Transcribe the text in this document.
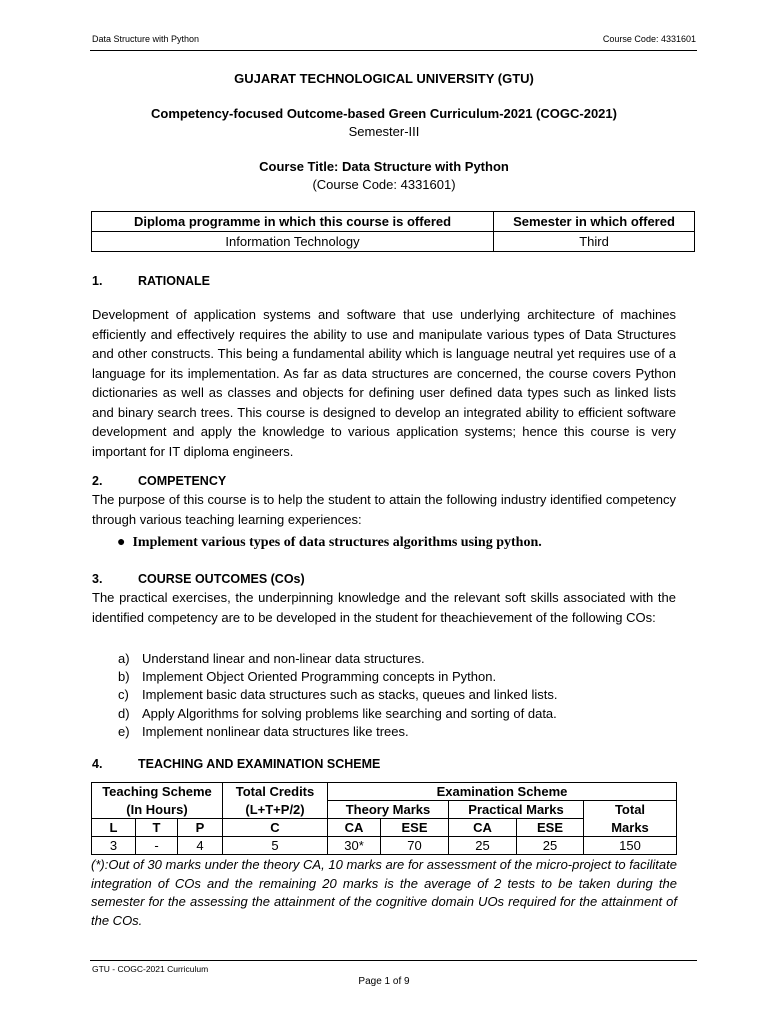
Data Structure with Python	Course Code: 4331601
GUJARAT TECHNOLOGICAL UNIVERSITY (GTU)
Competency-focused Outcome-based Green Curriculum-2021 (COGC-2021)
Semester-III
Course Title: Data Structure with Python
(Course Code: 4331601)
Diploma programme in which this course is offered	Semester in which offered
Information Technology	Third
1.	RATIONALE
Development of application systems and software that use underlying architecture of machines efficiently and effectively requires the ability to use and manipulate various types of Data Structures and other constructs. This being a fundamental ability which is language neutral yet requires use of a language for its implementation. As far as data structures are concerned, the course covers Python dictionaries as well as classes and objects for defining user defined data types such as linked lists and binary search trees. This course is designed to develop an integrated ability to efficient software development and apply the knowledge to various application systems; hence this course is very important for IT diploma engineers.
2.	COMPETENCY
The purpose of this course is to help the student to attain the following industry identified competency through various teaching learning experiences:
●  Implement various types of data structures algorithms using python.
3.	COURSE OUTCOMES (COs)
The practical exercises, the underpinning knowledge and the relevant soft skills associated with the identified competency are to be developed in the student for theachievement of the following COs:
a) Understand linear and non-linear data structures.
b) Implement Object Oriented Programming concepts in Python.
c) Implement basic data structures such as stacks, queues and linked lists.
d) Apply Algorithms for solving problems like searching and sorting of data.
e) Implement nonlinear data structures like trees.
4.	TEACHING AND EXAMINATION SCHEME
Teaching Scheme			Total Credits	Examination Scheme				
(In Hours)			(L+T+P/2)	Theory Marks		Practical Marks		Total
L	T	P	C	CA	ESE	CA	ESE	Marks
3	-	4	5	30*	70	25	25	150
(*):Out of 30 marks under the theory CA, 10 marks are for assessment of the micro-project to facilitate integration of COs and the remaining 20 marks is the average of 2 tests to be taken during the semester for the assessing the attainment of the cognitive domain UOs required for the attainment of the COs.
GTU - COGC-2021 Curriculum
Page 1 of 9
